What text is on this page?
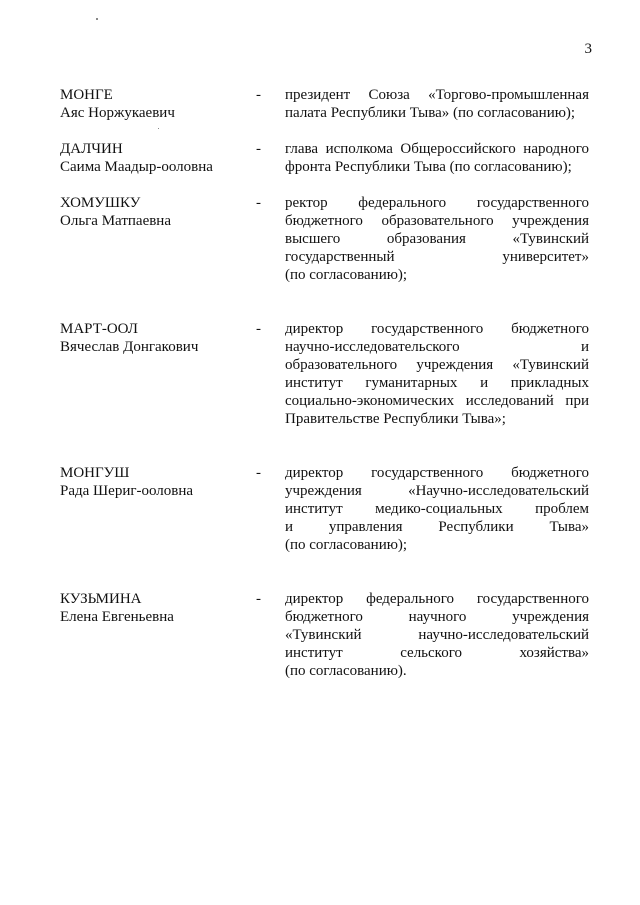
3
МОНГЕ
Аяс Норжукаевич
- президент Союза «Торгово-промышленная
палата Республики Тыва» (по согласованию);
ДАЛЧИН
Саима Маадыр-ооловна
- глава исполкома Общероссийского народного
фронта Республики Тыва (по согласованию);
ХОМУШКУ
Ольга Матпаевна
- ректор федерального государственного
бюджетного образовательного учреждения
высшего образования «Тувинский
государственный университет»
(по согласованию);
МАРТ-ООЛ
Вячеслав Донгакович
- директор государственного бюджетного
научно-исследовательского и
образовательного учреждения «Тувинский
институт гуманитарных и прикладных
социально-экономических исследований при
Правительстве Республики Тыва»;
МОНГУШ
Рада Шериг-ооловна
- директор государственного бюджетного
учреждения «Научно-исследовательский
институт медико-социальных проблем
и управления Республики Тыва»
(по согласованию);
КУЗЬМИНА
Елена Евгеньевна
- директор федерального государственного
бюджетного научного учреждения
«Тувинский научно-исследовательский
институт сельского хозяйства»
(по согласованию).
